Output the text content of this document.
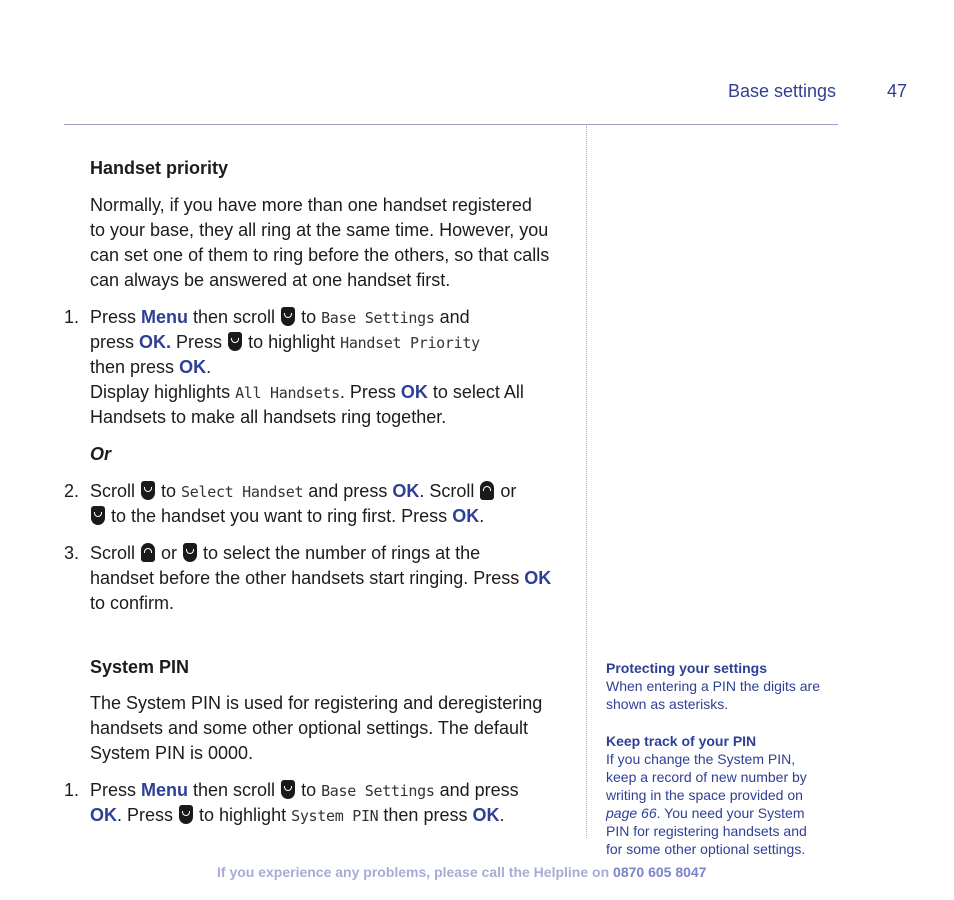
Base settings	47
Handset priority
Normally, if you have more than one handset registered
to your base, they all ring at the same time. However, you
can set one of them to ring before the others, so that calls
can always be answered at one handset first.
1. Press Menu then scroll  to Base Settings and
press OK. Press  to highlight Handset Priority
then press OK.
Display highlights All Handsets. Press OK to select All
Handsets to make all handsets ring together.
Or
2. Scroll  to Select Handset and press OK. Scroll  or
to the handset you want to ring first. Press OK.
3. Scroll  or  to select the number of rings at the
handset before the other handsets start ringing. Press OK
to confirm.
System PIN
The System PIN is used for registering and deregistering
handsets and some other optional settings. The default
System PIN is 0000.
1. Press Menu then scroll  to Base Settings and press
OK. Press  to highlight System PIN then press OK.
Protecting your settings
When entering a PIN the digits are
shown as asterisks.
Keep track of your PIN
If you change the System PIN,
keep a record of new number by
writing in the space provided on
page 66. You need your System
PIN for registering handsets and
for some other optional settings.
If you experience any problems, please call the Helpline on 0870 605 8047
